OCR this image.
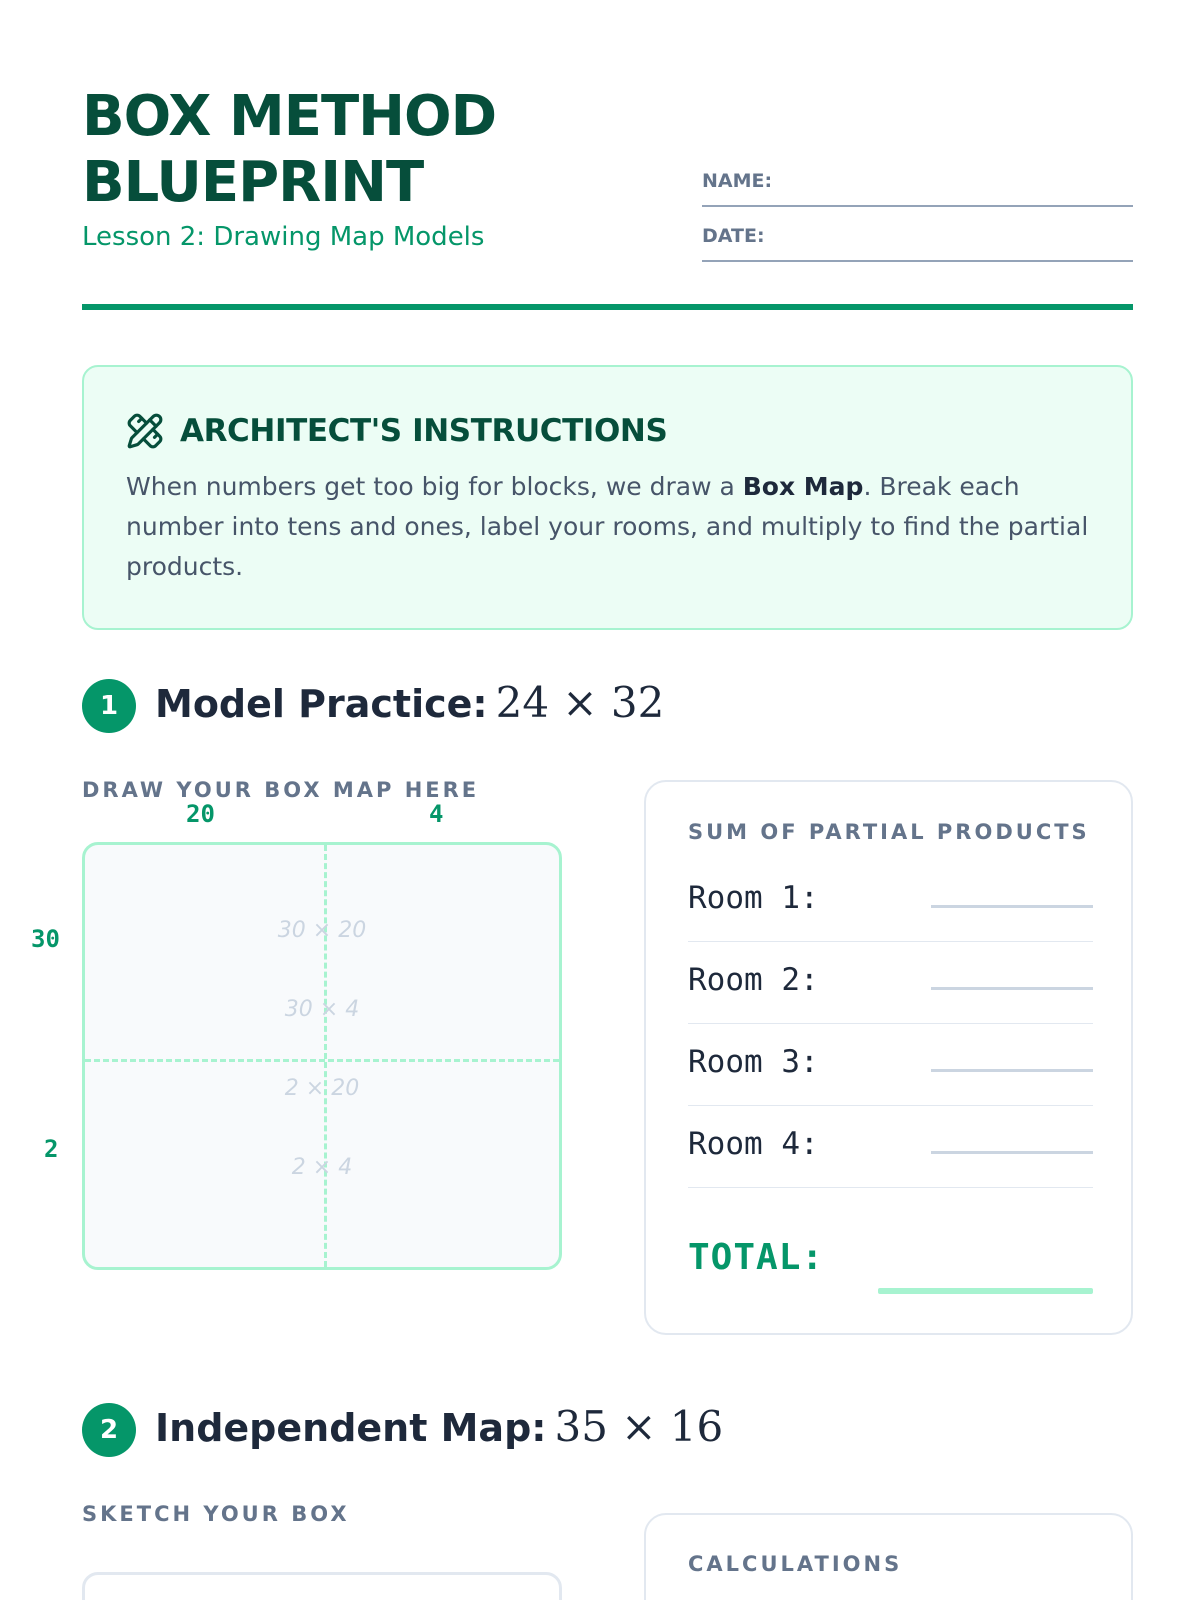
BOX METHOD BLUEPRINT
Lesson 2: Drawing Map Models
NAME:
DATE:
ARCHITECT'S INSTRUCTIONS

When numbers get too big for blocks, we draw a Box Map. Break each number into tens and ones, label your rooms, and multiply to find the partial products.

1 Model Practice: 24 × 32
DRAW YOUR BOX MAP HERE
20	4
30
2
30 × 20
30 × 4
2 × 20
2 × 4
SUM OF PARTIAL PRODUCTS
Room 1:
Room 2:
Room 3:
Room 4:
TOTAL:
2 Independent Map: 35 × 16
SKETCH YOUR BOX
CALCULATIONS
